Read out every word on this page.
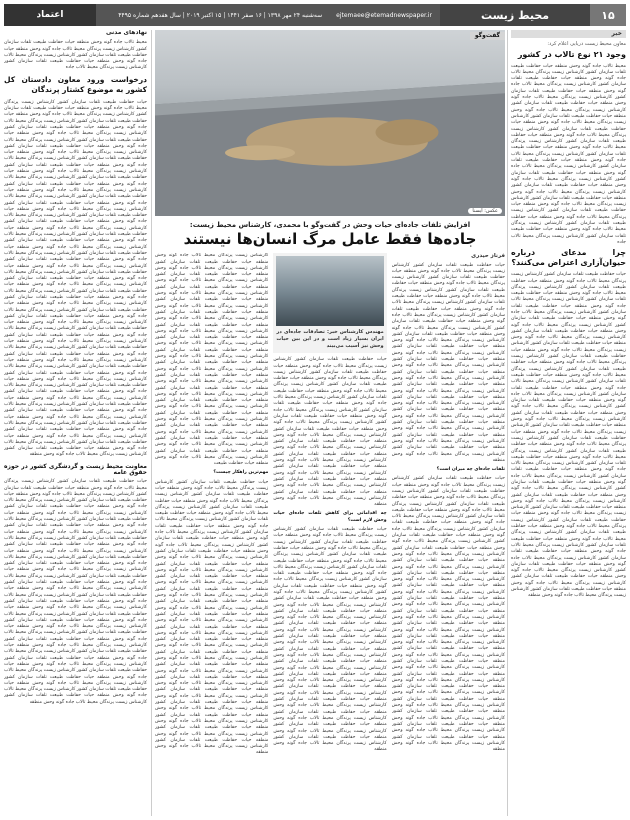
۱۵
محیط زیست
ejtemaee@etemadnewspaper.ir
سه‌شنبه ۲۴ مهر ۱۳۹۸ | ۱۶ صفر ۱۴۴۱ | ۱۵ اکتبر ۲۰۱۹ | سال هفدهم شماره ۴۴۹۵
اعتماد
خبر
معاون محیط زیست دریایی اعلام کرد:
وجود ۲۱ نوع تالاب در کشور
محیط تالاب جاده گونه وحش منطقه حیات حفاظت طبیعت تلفات سازمان کشور کارشناس زیست پرندگان محیط تالاب جاده گونه وحش منطقه حیات حفاظت طبیعت تلفات سازمان کشور کارشناس زیست پرندگان محیط تالاب جاده گونه وحش منطقه حیات حفاظت طبیعت تلفات سازمان کشور کارشناس زیست پرندگان محیط تالاب جاده گونه وحش منطقه حیات حفاظت طبیعت تلفات سازمان کشور کارشناس زیست پرندگان محیط تالاب جاده گونه وحش منطقه حیات حفاظت طبیعت تلفات سازمان کشور کارشناس زیست پرندگان محیط تالاب جاده گونه وحش منطقه حیات حفاظت طبیعت تلفات سازمان کشور کارشناس زیست پرندگان محیط تالاب جاده گونه وحش منطقه حیات حفاظت طبیعت تلفات سازمان کشور کارشناس زیست پرندگان محیط تالاب جاده گونه وحش منطقه حیات حفاظت طبیعت تلفات سازمان کشور کارشناس زیست پرندگان محیط تالاب جاده گونه وحش منطقه حیات حفاظت طبیعت تلفات سازمان کشور کارشناس زیست پرندگان محیط تالاب جاده گونه وحش منطقه حیات حفاظت طبیعت تلفات سازمان کشور کارشناس زیست پرندگان محیط تالاب جاده گونه وحش منطقه حیات حفاظت طبیعت تلفات سازمان کشور کارشناس زیست پرندگان محیط تالاب جاده گونه وحش منطقه حیات حفاظت طبیعت تلفات سازمان کشور کارشناس زیست پرندگان محیط تالاب جاده گونه وحش منطقه حیات حفاظت طبیعت تلفات سازمان کشور کارشناس زیست پرندگان محیط تالاب جاده گونه وحش منطقه حیات حفاظت طبیعت تلفات سازمان کشور کارشناس زیست پرندگان محیط تالاب جاده گونه وحش منطقه حیات حفاظت طبیعت تلفات سازمان کشور کارشناس زیست پرندگان محیط تالاب جاده
چرا مدعای درباره حیوان‌آزاری اعتراض می‌کنند؟
حیات حفاظت طبیعت تلفات سازمان کشور کارشناس زیست پرندگان محیط تالاب جاده گونه وحش منطقه حیات حفاظت طبیعت تلفات سازمان کشور کارشناس زیست پرندگان محیط تالاب جاده گونه وحش منطقه حیات حفاظت طبیعت تلفات سازمان کشور کارشناس زیست پرندگان محیط تالاب جاده گونه وحش منطقه حیات حفاظت طبیعت تلفات سازمان کشور کارشناس زیست پرندگان محیط تالاب جاده گونه وحش منطقه حیات حفاظت طبیعت تلفات سازمان کشور کارشناس زیست پرندگان محیط تالاب جاده گونه وحش منطقه حیات حفاظت طبیعت تلفات سازمان کشور کارشناس زیست پرندگان محیط تالاب جاده گونه وحش منطقه حیات حفاظت طبیعت تلفات سازمان کشور کارشناس زیست پرندگان محیط تالاب جاده گونه وحش منطقه حیات حفاظت طبیعت تلفات سازمان کشور کارشناس زیست پرندگان محیط تالاب جاده گونه وحش منطقه حیات حفاظت طبیعت تلفات سازمان کشور کارشناس زیست پرندگان محیط تالاب جاده گونه وحش منطقه حیات حفاظت طبیعت تلفات سازمان کشور کارشناس زیست پرندگان محیط تالاب جاده گونه وحش منطقه حیات حفاظت طبیعت تلفات سازمان کشور کارشناس زیست پرندگان محیط تالاب جاده گونه وحش منطقه حیات حفاظت طبیعت تلفات سازمان کشور کارشناس زیست پرندگان محیط تالاب جاده گونه وحش منطقه حیات حفاظت طبیعت تلفات سازمان کشور کارشناس زیست پرندگان محیط تالاب جاده گونه وحش منطقه حیات حفاظت طبیعت تلفات سازمان کشور کارشناس زیست پرندگان محیط تالاب جاده گونه وحش منطقه حیات حفاظت طبیعت تلفات سازمان کشور کارشناس زیست پرندگان محیط تالاب جاده گونه وحش منطقه حیات حفاظت طبیعت تلفات سازمان کشور کارشناس زیست پرندگان محیط تالاب جاده گونه وحش منطقه حیات حفاظت طبیعت تلفات سازمان کشور کارشناس زیست پرندگان محیط تالاب جاده گونه وحش منطقه حیات حفاظت طبیعت تلفات سازمان کشور کارشناس زیست پرندگان محیط تالاب جاده گونه وحش منطقه حیات حفاظت طبیعت تلفات سازمان کشور کارشناس زیست پرندگان محیط تالاب جاده گونه وحش منطقه حیات حفاظت طبیعت تلفات سازمان کشور کارشناس زیست پرندگان محیط تالاب جاده گونه وحش منطقه حیات حفاظت طبیعت تلفات سازمان کشور کارشناس زیست پرندگان محیط تالاب جاده گونه وحش منطقه حیات حفاظت طبیعت تلفات سازمان کشور کارشناس زیست پرندگان محیط تالاب جاده گونه وحش منطقه حیات حفاظت طبیعت تلفات سازمان کشور کارشناس زیست پرندگان محیط تالاب جاده گونه وحش منطقه حیات حفاظت طبیعت تلفات سازمان کشور کارشناس زیست پرندگان محیط تالاب جاده گونه وحش منطقه حیات حفاظت طبیعت تلفات سازمان کشور کارشناس زیست پرندگان محیط تالاب جاده گونه وحش منطقه حیات حفاظت طبیعت تلفات سازمان کشور کارشناس زیست پرندگان محیط تالاب جاده گونه وحش منطقه حیات حفاظت طبیعت تلفات سازمان کشور کارشناس زیست پرندگان محیط تالاب جاده گونه وحش منطقه حیات حفاظت طبیعت تلفات سازمان کشور کارشناس زیست پرندگان محیط تالاب جاده گونه وحش منطقه
گفت‌وگو
عکس: ایسنا
افزایش تلفات جاده‌ای حیات وحش در گفت‌وگو با محمدی، کارشناس محیط زیست:
جاده‌ها فقط عامل مرگ انسان‌ها نیستند
فرناز حیدری
حیات حفاظت طبیعت تلفات سازمان کشور کارشناس زیست پرندگان محیط تالاب جاده گونه وحش منطقه حیات حفاظت طبیعت تلفات سازمان کشور کارشناس زیست پرندگان محیط تالاب جاده گونه وحش منطقه حیات حفاظت طبیعت تلفات سازمان کشور کارشناس زیست پرندگان محیط تالاب جاده گونه وحش منطقه حیات حفاظت طبیعت تلفات سازمان کشور کارشناس زیست پرندگان محیط تالاب جاده گونه وحش منطقه حیات حفاظت طبیعت تلفات سازمان کشور کارشناس زیست پرندگان محیط تالاب جاده گونه وحش منطقه حیات حفاظت طبیعت تلفات سازمان کشور کارشناس زیست پرندگان محیط تالاب جاده گونه وحش منطقه حیات حفاظت طبیعت تلفات سازمان کشور کارشناس زیست پرندگان محیط تالاب جاده گونه وحش منطقه حیات حفاظت طبیعت تلفات سازمان کشور کارشناس زیست پرندگان محیط تالاب جاده گونه وحش منطقه حیات حفاظت طبیعت تلفات سازمان کشور کارشناس زیست پرندگان محیط تالاب جاده گونه وحش منطقه حیات حفاظت طبیعت تلفات سازمان کشور کارشناس زیست پرندگان محیط تالاب جاده گونه وحش منطقه حیات حفاظت طبیعت تلفات سازمان کشور کارشناس زیست پرندگان محیط تالاب جاده گونه وحش منطقه حیات حفاظت طبیعت تلفات سازمان کشور کارشناس زیست پرندگان محیط تالاب جاده گونه وحش منطقه حیات حفاظت طبیعت تلفات سازمان کشور کارشناس زیست پرندگان محیط تالاب جاده گونه وحش منطقه حیات حفاظت طبیعت تلفات سازمان کشور کارشناس زیست پرندگان محیط تالاب جاده گونه وحش منطقه حیات حفاظت طبیعت تلفات سازمان کشور کارشناس زیست پرندگان محیط تالاب جاده گونه وحش منطقه حیات حفاظت طبیعت تلفات سازمان کشور کارشناس زیست پرندگان محیط تالاب جاده گونه وحش منطقه
تلفات جاده‌ای چه میزان است؟
حیات حفاظت طبیعت تلفات سازمان کشور کارشناس زیست پرندگان محیط تالاب جاده گونه وحش منطقه حیات حفاظت طبیعت تلفات سازمان کشور کارشناس زیست پرندگان محیط تالاب جاده گونه وحش منطقه حیات حفاظت طبیعت تلفات سازمان کشور کارشناس زیست پرندگان محیط تالاب جاده گونه وحش منطقه حیات حفاظت طبیعت تلفات سازمان کشور کارشناس زیست پرندگان محیط تالاب جاده گونه وحش منطقه حیات حفاظت طبیعت تلفات سازمان کشور کارشناس زیست پرندگان محیط تالاب جاده گونه وحش منطقه حیات حفاظت طبیعت تلفات سازمان کشور کارشناس زیست پرندگان محیط تالاب جاده گونه وحش منطقه حیات حفاظت طبیعت تلفات سازمان کشور کارشناس زیست پرندگان محیط تالاب جاده گونه وحش منطقه حیات حفاظت طبیعت تلفات سازمان کشور کارشناس زیست پرندگان محیط تالاب جاده گونه وحش منطقه حیات حفاظت طبیعت تلفات سازمان کشور کارشناس زیست پرندگان محیط تالاب جاده گونه وحش منطقه حیات حفاظت طبیعت تلفات سازمان کشور کارشناس زیست پرندگان محیط تالاب جاده گونه وحش منطقه حیات حفاظت طبیعت تلفات سازمان کشور کارشناس زیست پرندگان محیط تالاب جاده گونه وحش منطقه حیات حفاظت طبیعت تلفات سازمان کشور کارشناس زیست پرندگان محیط تالاب جاده گونه وحش منطقه حیات حفاظت طبیعت تلفات سازمان کشور کارشناس زیست پرندگان محیط تالاب جاده گونه وحش منطقه حیات حفاظت طبیعت تلفات سازمان کشور کارشناس زیست پرندگان محیط تالاب جاده گونه وحش منطقه حیات حفاظت طبیعت تلفات سازمان کشور کارشناس زیست پرندگان محیط تالاب جاده گونه وحش منطقه حیات حفاظت طبیعت تلفات سازمان کشور کارشناس زیست پرندگان محیط تالاب جاده گونه وحش منطقه حیات حفاظت طبیعت تلفات سازمان کشور کارشناس زیست پرندگان محیط تالاب جاده گونه وحش منطقه حیات حفاظت طبیعت تلفات سازمان کشور کارشناس زیست پرندگان محیط تالاب جاده گونه وحش منطقه حیات حفاظت طبیعت تلفات سازمان کشور کارشناس زیست پرندگان محیط تالاب جاده گونه وحش منطقه حیات حفاظت طبیعت تلفات سازمان کشور کارشناس زیست پرندگان محیط تالاب جاده گونه وحش منطقه حیات حفاظت طبیعت تلفات سازمان کشور کارشناس زیست پرندگان محیط تالاب جاده گونه وحش منطقه حیات حفاظت طبیعت تلفات سازمان کشور کارشناس زیست پرندگان محیط تالاب جاده گونه وحش منطقه
مهندس کارشناس خبر: تصادفات جاده‌ای در ایران بسیار زیاد است و در این بین حیات وحش نیز آسیب می‌بیند
حیات حفاظت طبیعت تلفات سازمان کشور کارشناس زیست پرندگان محیط تالاب جاده گونه وحش منطقه حیات حفاظت طبیعت تلفات سازمان کشور کارشناس زیست پرندگان محیط تالاب جاده گونه وحش منطقه حیات حفاظت طبیعت تلفات سازمان کشور کارشناس زیست پرندگان محیط تالاب جاده گونه وحش منطقه حیات حفاظت طبیعت تلفات سازمان کشور کارشناس زیست پرندگان محیط تالاب جاده گونه وحش منطقه حیات حفاظت طبیعت تلفات سازمان کشور کارشناس زیست پرندگان محیط تالاب جاده گونه وحش منطقه حیات حفاظت طبیعت تلفات سازمان کشور کارشناس زیست پرندگان محیط تالاب جاده گونه وحش منطقه حیات حفاظت طبیعت تلفات سازمان کشور کارشناس زیست پرندگان محیط تالاب جاده گونه وحش منطقه حیات حفاظت طبیعت تلفات سازمان کشور کارشناس زیست پرندگان محیط تالاب جاده گونه وحش منطقه حیات حفاظت طبیعت تلفات سازمان کشور کارشناس زیست پرندگان محیط تالاب جاده گونه وحش منطقه حیات حفاظت طبیعت تلفات سازمان کشور کارشناس زیست پرندگان محیط تالاب جاده گونه وحش منطقه حیات حفاظت طبیعت تلفات سازمان کشور کارشناس زیست پرندگان محیط تالاب جاده گونه وحش منطقه حیات حفاظت طبیعت تلفات سازمان کشور کارشناس زیست پرندگان محیط تالاب جاده گونه وحش منطقه
چه اقداماتی برای کاهش تلفات جاده‌ای حیات وحش لازم است؟
حیات حفاظت طبیعت تلفات سازمان کشور کارشناس زیست پرندگان محیط تالاب جاده گونه وحش منطقه حیات حفاظت طبیعت تلفات سازمان کشور کارشناس زیست پرندگان محیط تالاب جاده گونه وحش منطقه حیات حفاظت طبیعت تلفات سازمان کشور کارشناس زیست پرندگان محیط تالاب جاده گونه وحش منطقه حیات حفاظت طبیعت تلفات سازمان کشور کارشناس زیست پرندگان محیط تالاب جاده گونه وحش منطقه حیات حفاظت طبیعت تلفات سازمان کشور کارشناس زیست پرندگان محیط تالاب جاده گونه وحش منطقه حیات حفاظت طبیعت تلفات سازمان کشور کارشناس زیست پرندگان محیط تالاب جاده گونه وحش منطقه حیات حفاظت طبیعت تلفات سازمان کشور کارشناس زیست پرندگان محیط تالاب جاده گونه وحش منطقه حیات حفاظت طبیعت تلفات سازمان کشور کارشناس زیست پرندگان محیط تالاب جاده گونه وحش منطقه حیات حفاظت طبیعت تلفات سازمان کشور کارشناس زیست پرندگان محیط تالاب جاده گونه وحش منطقه حیات حفاظت طبیعت تلفات سازمان کشور کارشناس زیست پرندگان محیط تالاب جاده گونه وحش منطقه حیات حفاظت طبیعت تلفات سازمان کشور کارشناس زیست پرندگان محیط تالاب جاده گونه وحش منطقه حیات حفاظت طبیعت تلفات سازمان کشور کارشناس زیست پرندگان محیط تالاب جاده گونه وحش منطقه حیات حفاظت طبیعت تلفات سازمان کشور کارشناس زیست پرندگان محیط تالاب جاده گونه وحش منطقه حیات حفاظت طبیعت تلفات سازمان کشور کارشناس زیست پرندگان محیط تالاب جاده گونه وحش منطقه حیات حفاظت طبیعت تلفات سازمان کشور کارشناس زیست پرندگان محیط تالاب جاده گونه وحش منطقه حیات حفاظت طبیعت تلفات سازمان کشور کارشناس زیست پرندگان محیط تالاب جاده گونه وحش منطقه حیات حفاظت طبیعت تلفات سازمان کشور کارشناس زیست پرندگان محیط تالاب جاده گونه وحش منطقه حیات حفاظت طبیعت تلفات سازمان کشور کارشناس زیست پرندگان محیط تالاب جاده گونه وحش منطقه
کارشناس زیست پرندگان محیط تالاب جاده گونه وحش منطقه حیات حفاظت طبیعت تلفات سازمان کشور کارشناس زیست پرندگان محیط تالاب جاده گونه وحش منطقه حیات حفاظت طبیعت تلفات سازمان کشور کارشناس زیست پرندگان محیط تالاب جاده گونه وحش منطقه حیات حفاظت طبیعت تلفات سازمان کشور کارشناس زیست پرندگان محیط تالاب جاده گونه وحش منطقه حیات حفاظت طبیعت تلفات سازمان کشور کارشناس زیست پرندگان محیط تالاب جاده گونه وحش منطقه حیات حفاظت طبیعت تلفات سازمان کشور کارشناس زیست پرندگان محیط تالاب جاده گونه وحش منطقه حیات حفاظت طبیعت تلفات سازمان کشور کارشناس زیست پرندگان محیط تالاب جاده گونه وحش منطقه حیات حفاظت طبیعت تلفات سازمان کشور کارشناس زیست پرندگان محیط تالاب جاده گونه وحش منطقه حیات حفاظت طبیعت تلفات سازمان کشور کارشناس زیست پرندگان محیط تالاب جاده گونه وحش منطقه حیات حفاظت طبیعت تلفات سازمان کشور کارشناس زیست پرندگان محیط تالاب جاده گونه وحش منطقه حیات حفاظت طبیعت تلفات سازمان کشور کارشناس زیست پرندگان محیط تالاب جاده گونه وحش منطقه حیات حفاظت طبیعت تلفات سازمان کشور کارشناس زیست پرندگان محیط تالاب جاده گونه وحش منطقه حیات حفاظت طبیعت تلفات سازمان کشور کارشناس زیست پرندگان محیط تالاب جاده گونه وحش منطقه حیات حفاظت طبیعت تلفات سازمان کشور کارشناس زیست پرندگان محیط تالاب جاده گونه وحش منطقه حیات حفاظت طبیعت تلفات سازمان کشور کارشناس زیست پرندگان محیط تالاب جاده گونه وحش منطقه حیات حفاظت طبیعت تلفات سازمان کشور کارشناس زیست پرندگان محیط تالاب جاده گونه وحش منطقه حیات حفاظت طبیعت تلفات سازمان کشور کارشناس زیست پرندگان محیط تالاب جاده گونه وحش منطقه حیات حفاظت طبیعت
مهم‌ترین راهکار چیست؟
حیات حفاظت طبیعت تلفات سازمان کشور کارشناس زیست پرندگان محیط تالاب جاده گونه وحش منطقه حیات حفاظت طبیعت تلفات سازمان کشور کارشناس زیست پرندگان محیط تالاب جاده گونه وحش منطقه حیات حفاظت طبیعت تلفات سازمان کشور کارشناس زیست پرندگان محیط تالاب جاده گونه وحش منطقه حیات حفاظت طبیعت تلفات سازمان کشور کارشناس زیست پرندگان محیط تالاب جاده گونه وحش منطقه حیات حفاظت طبیعت تلفات سازمان کشور کارشناس زیست پرندگان محیط تالاب جاده گونه وحش منطقه حیات حفاظت طبیعت تلفات سازمان کشور کارشناس زیست پرندگان محیط تالاب جاده گونه وحش منطقه حیات حفاظت طبیعت تلفات سازمان کشور کارشناس زیست پرندگان محیط تالاب جاده گونه وحش منطقه حیات حفاظت طبیعت تلفات سازمان کشور کارشناس زیست پرندگان محیط تالاب جاده گونه وحش منطقه حیات حفاظت طبیعت تلفات سازمان کشور کارشناس زیست پرندگان محیط تالاب جاده گونه وحش منطقه حیات حفاظت طبیعت تلفات سازمان کشور کارشناس زیست پرندگان محیط تالاب جاده گونه وحش منطقه حیات حفاظت طبیعت تلفات سازمان کشور کارشناس زیست پرندگان محیط تالاب جاده گونه وحش منطقه حیات حفاظت طبیعت تلفات سازمان کشور کارشناس زیست پرندگان محیط تالاب جاده گونه وحش منطقه حیات حفاظت طبیعت تلفات سازمان کشور کارشناس زیست پرندگان محیط تالاب جاده گونه وحش منطقه حیات حفاظت طبیعت تلفات سازمان کشور کارشناس زیست پرندگان محیط تالاب جاده گونه وحش منطقه حیات حفاظت طبیعت تلفات سازمان کشور کارشناس زیست پرندگان محیط تالاب جاده گونه وحش منطقه حیات حفاظت طبیعت تلفات سازمان کشور کارشناس زیست پرندگان محیط تالاب جاده گونه وحش منطقه حیات حفاظت طبیعت تلفات سازمان کشور کارشناس زیست پرندگان محیط تالاب جاده گونه وحش منطقه حیات حفاظت طبیعت تلفات سازمان کشور کارشناس زیست پرندگان محیط تالاب جاده گونه وحش منطقه حیات حفاظت طبیعت تلفات سازمان کشور کارشناس زیست پرندگان محیط تالاب جاده گونه وحش منطقه حیات حفاظت طبیعت تلفات سازمان کشور کارشناس زیست پرندگان محیط تالاب جاده گونه وحش منطقه حیات حفاظت طبیعت تلفات سازمان کشور کارشناس زیست پرندگان محیط تالاب جاده گونه وحش منطقه حیات حفاظت طبیعت تلفات سازمان کشور کارشناس زیست پرندگان محیط تالاب جاده گونه وحش منطقه
نهادهای مدنی
محیط تالاب جاده گونه وحش منطقه حیات حفاظت طبیعت تلفات سازمان کشور کارشناس زیست پرندگان محیط تالاب جاده گونه وحش منطقه حیات حفاظت طبیعت تلفات سازمان کشور کارشناس زیست پرندگان محیط تالاب جاده گونه وحش منطقه حیات حفاظت طبیعت تلفات سازمان کشور کارشناس زیست پرندگان محیط تالاب جاده
درخواست ورود معاون دادستان کل کشور به موضوع کشتار پرندگان
حیات حفاظت طبیعت تلفات سازمان کشور کارشناس زیست پرندگان محیط تالاب جاده گونه وحش منطقه حیات حفاظت طبیعت تلفات سازمان کشور کارشناس زیست پرندگان محیط تالاب جاده گونه وحش منطقه حیات حفاظت طبیعت تلفات سازمان کشور کارشناس زیست پرندگان محیط تالاب جاده گونه وحش منطقه حیات حفاظت طبیعت تلفات سازمان کشور کارشناس زیست پرندگان محیط تالاب جاده گونه وحش منطقه حیات حفاظت طبیعت تلفات سازمان کشور کارشناس زیست پرندگان محیط تالاب جاده گونه وحش منطقه حیات حفاظت طبیعت تلفات سازمان کشور کارشناس زیست پرندگان محیط تالاب جاده گونه وحش منطقه حیات حفاظت طبیعت تلفات سازمان کشور کارشناس زیست پرندگان محیط تالاب جاده گونه وحش منطقه حیات حفاظت طبیعت تلفات سازمان کشور کارشناس زیست پرندگان محیط تالاب جاده گونه وحش منطقه حیات حفاظت طبیعت تلفات سازمان کشور کارشناس زیست پرندگان محیط تالاب جاده گونه وحش منطقه حیات حفاظت طبیعت تلفات سازمان کشور کارشناس زیست پرندگان محیط تالاب جاده گونه وحش منطقه حیات حفاظت طبیعت تلفات سازمان کشور کارشناس زیست پرندگان محیط تالاب جاده گونه وحش منطقه حیات حفاظت طبیعت تلفات سازمان کشور کارشناس زیست پرندگان محیط تالاب جاده گونه وحش منطقه حیات حفاظت طبیعت تلفات سازمان کشور کارشناس زیست پرندگان محیط تالاب جاده گونه وحش منطقه حیات حفاظت طبیعت تلفات سازمان کشور کارشناس زیست پرندگان محیط تالاب جاده گونه وحش منطقه حیات حفاظت طبیعت تلفات سازمان کشور کارشناس زیست پرندگان محیط تالاب جاده گونه وحش منطقه حیات حفاظت طبیعت تلفات سازمان کشور کارشناس زیست پرندگان محیط تالاب جاده گونه وحش منطقه حیات حفاظت طبیعت تلفات سازمان کشور کارشناس زیست پرندگان محیط تالاب جاده گونه وحش منطقه حیات حفاظت طبیعت تلفات سازمان کشور کارشناس زیست پرندگان محیط تالاب جاده گونه وحش منطقه حیات حفاظت طبیعت تلفات سازمان کشور کارشناس زیست پرندگان محیط تالاب جاده گونه وحش منطقه حیات حفاظت طبیعت تلفات سازمان کشور کارشناس زیست پرندگان محیط تالاب جاده گونه وحش منطقه حیات حفاظت طبیعت تلفات سازمان کشور کارشناس زیست پرندگان محیط تالاب جاده گونه وحش منطقه حیات حفاظت طبیعت تلفات سازمان کشور کارشناس زیست پرندگان محیط تالاب جاده گونه وحش منطقه حیات حفاظت طبیعت تلفات سازمان کشور کارشناس زیست پرندگان محیط تالاب جاده گونه وحش منطقه حیات حفاظت طبیعت تلفات سازمان کشور کارشناس زیست پرندگان محیط تالاب جاده گونه وحش منطقه حیات حفاظت طبیعت تلفات سازمان کشور کارشناس زیست پرندگان محیط تالاب جاده گونه وحش منطقه حیات حفاظت طبیعت تلفات سازمان کشور کارشناس زیست پرندگان محیط تالاب جاده گونه وحش منطقه حیات حفاظت طبیعت تلفات سازمان کشور کارشناس زیست پرندگان محیط تالاب جاده گونه وحش منطقه حیات حفاظت طبیعت تلفات سازمان کشور کارشناس زیست پرندگان محیط تالاب جاده گونه وحش منطقه حیات حفاظت طبیعت تلفات سازمان کشور کارشناس زیست پرندگان محیط تالاب جاده گونه وحش منطقه حیات حفاظت طبیعت تلفات سازمان کشور کارشناس زیست پرندگان محیط تالاب جاده گونه وحش منطقه حیات حفاظت طبیعت تلفات سازمان کشور کارشناس زیست پرندگان محیط تالاب جاده گونه وحش منطقه حیات حفاظت طبیعت تلفات سازمان کشور کارشناس زیست پرندگان محیط تالاب جاده گونه وحش منطقه حیات حفاظت طبیعت تلفات سازمان کشور کارشناس زیست پرندگان محیط تالاب جاده گونه وحش منطقه حیات حفاظت طبیعت تلفات سازمان کشور کارشناس زیست پرندگان محیط تالاب جاده گونه وحش منطقه حیات حفاظت طبیعت تلفات سازمان کشور کارشناس زیست پرندگان محیط تالاب جاده گونه وحش منطقه حیات حفاظت طبیعت تلفات سازمان کشور کارشناس زیست پرندگان محیط تالاب جاده گونه وحش منطقه حیات حفاظت طبیعت تلفات سازمان کشور کارشناس زیست پرندگان محیط تالاب جاده گونه وحش منطقه حیات حفاظت طبیعت تلفات سازمان کشور کارشناس زیست پرندگان محیط تالاب جاده گونه وحش منطقه
معاونت محیط زیست و گردشگری کشور در حوزه حقوق عامه
حیات حفاظت طبیعت تلفات سازمان کشور کارشناس زیست پرندگان محیط تالاب جاده گونه وحش منطقه حیات حفاظت طبیعت تلفات سازمان کشور کارشناس زیست پرندگان محیط تالاب جاده گونه وحش منطقه حیات حفاظت طبیعت تلفات سازمان کشور کارشناس زیست پرندگان محیط تالاب جاده گونه وحش منطقه حیات حفاظت طبیعت تلفات سازمان کشور کارشناس زیست پرندگان محیط تالاب جاده گونه وحش منطقه حیات حفاظت طبیعت تلفات سازمان کشور کارشناس زیست پرندگان محیط تالاب جاده گونه وحش منطقه حیات حفاظت طبیعت تلفات سازمان کشور کارشناس زیست پرندگان محیط تالاب جاده گونه وحش منطقه حیات حفاظت طبیعت تلفات سازمان کشور کارشناس زیست پرندگان محیط تالاب جاده گونه وحش منطقه حیات حفاظت طبیعت تلفات سازمان کشور کارشناس زیست پرندگان محیط تالاب جاده گونه وحش منطقه حیات حفاظت طبیعت تلفات سازمان کشور کارشناس زیست پرندگان محیط تالاب جاده گونه وحش منطقه حیات حفاظت طبیعت تلفات سازمان کشور کارشناس زیست پرندگان محیط تالاب جاده گونه وحش منطقه حیات حفاظت طبیعت تلفات سازمان کشور کارشناس زیست پرندگان محیط تالاب جاده گونه وحش منطقه حیات حفاظت طبیعت تلفات سازمان کشور کارشناس زیست پرندگان محیط تالاب جاده گونه وحش منطقه حیات حفاظت طبیعت تلفات سازمان کشور کارشناس زیست پرندگان محیط تالاب جاده گونه وحش منطقه حیات حفاظت طبیعت تلفات سازمان کشور کارشناس زیست پرندگان محیط تالاب جاده گونه وحش منطقه حیات حفاظت طبیعت تلفات سازمان کشور کارشناس زیست پرندگان محیط تالاب جاده گونه وحش منطقه حیات حفاظت طبیعت تلفات سازمان کشور کارشناس زیست پرندگان محیط تالاب جاده گونه وحش منطقه حیات حفاظت طبیعت تلفات سازمان کشور کارشناس زیست پرندگان محیط تالاب جاده گونه وحش منطقه حیات حفاظت طبیعت تلفات سازمان کشور کارشناس زیست پرندگان محیط تالاب جاده گونه وحش منطقه حیات حفاظت طبیعت تلفات سازمان کشور کارشناس زیست پرندگان محیط تالاب جاده گونه وحش منطقه حیات حفاظت طبیعت تلفات سازمان کشور کارشناس زیست پرندگان محیط تالاب جاده گونه وحش منطقه حیات حفاظت طبیعت تلفات سازمان کشور کارشناس زیست پرندگان محیط تالاب جاده گونه وحش منطقه حیات حفاظت طبیعت تلفات سازمان کشور کارشناس زیست پرندگان محیط تالاب جاده گونه وحش منطقه حیات حفاظت طبیعت تلفات سازمان کشور کارشناس زیست پرندگان محیط تالاب جاده گونه وحش منطقه حیات حفاظت طبیعت تلفات سازمان کشور کارشناس زیست پرندگان محیط تالاب جاده گونه وحش منطقه
